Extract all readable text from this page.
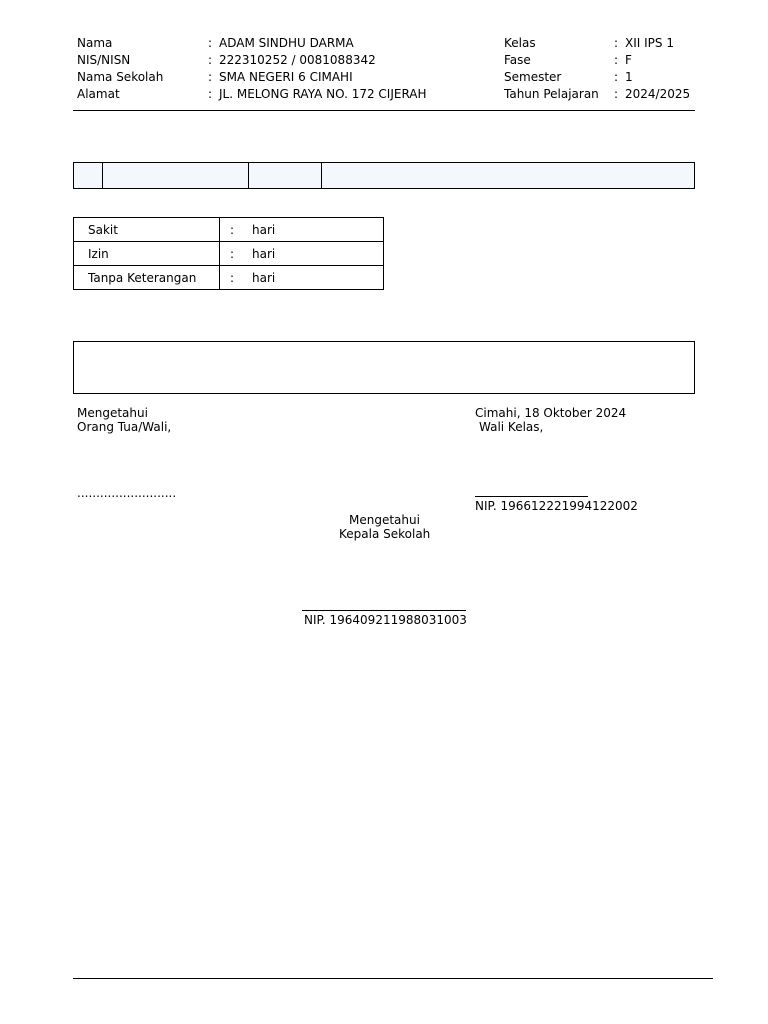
Nama	: ADAM SINDHU DARMA
NIS/NISN	: 222310252 / 0081088342
Nama Sekolah	: SMA NEGERI 6 CIMAHI
Alamat	: JL. MELONG RAYA NO. 172 CIJERAH
Kelas	: XII IPS 1
Fase	: F
Semester	: 1
Tahun Pelajaran : 2024/2025
Sakit	: hari
Izin	: hari
Tanpa Keterangan	: hari
Mengetahui
Orang Tua/Wali,
..........................
Cimahi, 18 Oktober 2024
Wali Kelas,
NIP. 196612221994122002
Mengetahui
Kepala Sekolah
NIP. 196409211988031003
